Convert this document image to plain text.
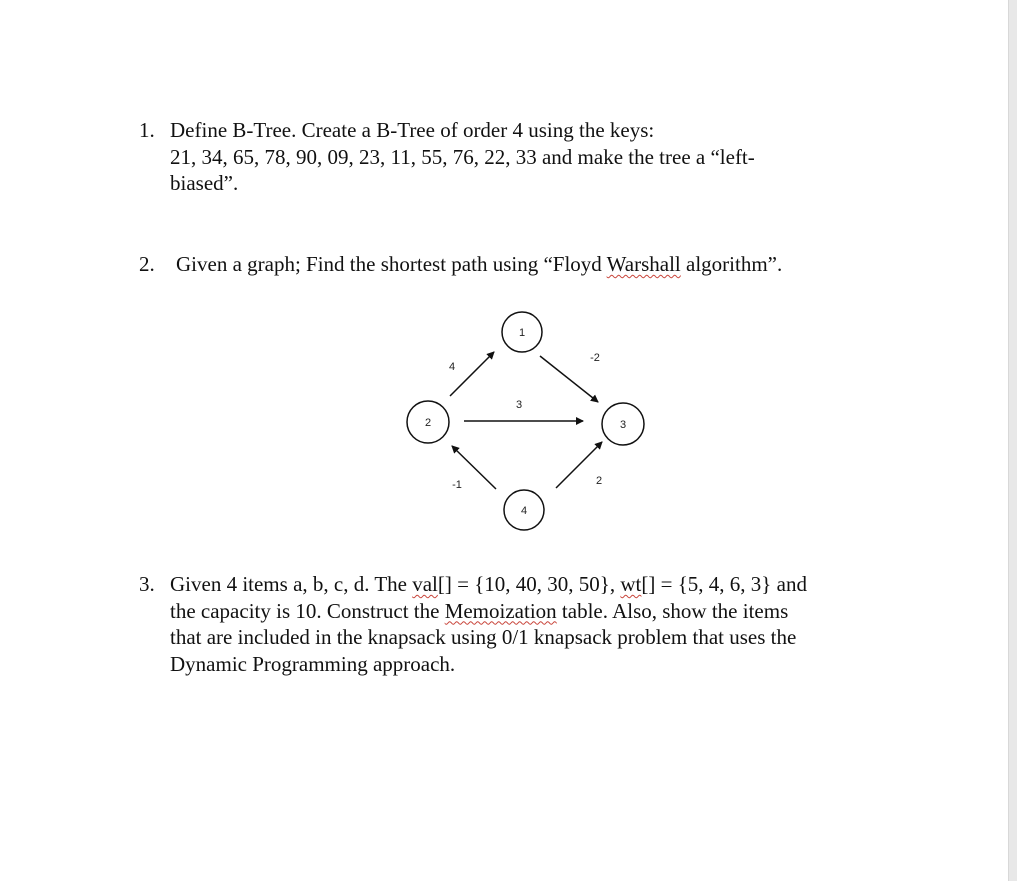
1. Define B-Tree. Create a B-Tree of order 4 using the keys:
21, 34, 65, 78, 90, 09, 23, 11, 55, 76, 22, 33 and make the tree a “left-
biased”.
2. Given a graph; Find the shortest path using “Floyd Warshall algorithm”.
1
2	3
4
4
-2
3
2
-1
3. Given 4 items a, b, c, d. The val[] = {10, 40, 30, 50}, wt[] = {5, 4, 6, 3} and
the capacity is 10. Construct the Memoization table. Also, show the items
that are included in the knapsack using 0/1 knapsack problem that uses the
Dynamic Programming approach.
